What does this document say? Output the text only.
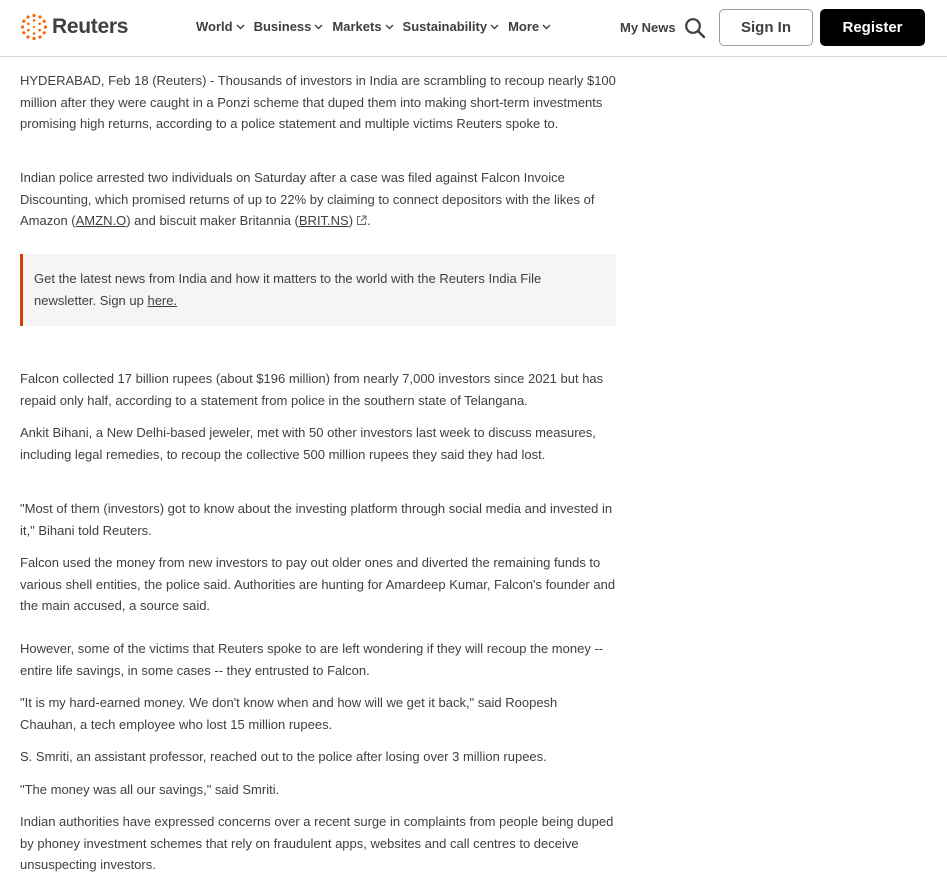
Reuters	World Business Markets Sustainability More	My News	Sign In	Register

HYDERABAD, Feb 18 (Reuters) - Thousands of investors in India are scrambling to recoup nearly $100 million after they were caught in a Ponzi scheme that duped them into making short-term investments promising high returns, according to a police statement and multiple victims Reuters spoke to.

Indian police arrested two individuals on Saturday after a case was filed against Falcon Invoice Discounting, which promised returns of up to 22% by claiming to connect depositors with the likes of Amazon (AMZN.O) and biscuit maker Britannia (BRIT.NS) .

Get the latest news from India and how it matters to the world with the Reuters India File newsletter. Sign up here.

Falcon collected 17 billion rupees (about $196 million) from nearly 7,000 investors since 2021 but has repaid only half, according to a statement from police in the southern state of Telangana.

Ankit Bihani, a New Delhi-based jeweler, met with 50 other investors last week to discuss measures, including legal remedies, to recoup the collective 500 million rupees they said they had lost.

"Most of them (investors) got to know about the investing platform through social media and invested in it," Bihani told Reuters.

Falcon used the money from new investors to pay out older ones and diverted the remaining funds to various shell entities, the police said. Authorities are hunting for Amardeep Kumar, Falcon's founder and the main accused, a source said.

However, some of the victims that Reuters spoke to are left wondering if they will recoup the money -- entire life savings, in some cases -- they entrusted to Falcon.

"It is my hard-earned money. We don't know when and how will we get it back," said Roopesh Chauhan, a tech employee who lost 15 million rupees.

S. Smriti, an assistant professor, reached out to the police after losing over 3 million rupees.

"The money was all our savings," said Smriti.

Indian authorities have expressed concerns over a recent surge in complaints from people being duped by phoney investment schemes that rely on fraudulent apps, websites and call centres to deceive unsuspecting investors.
